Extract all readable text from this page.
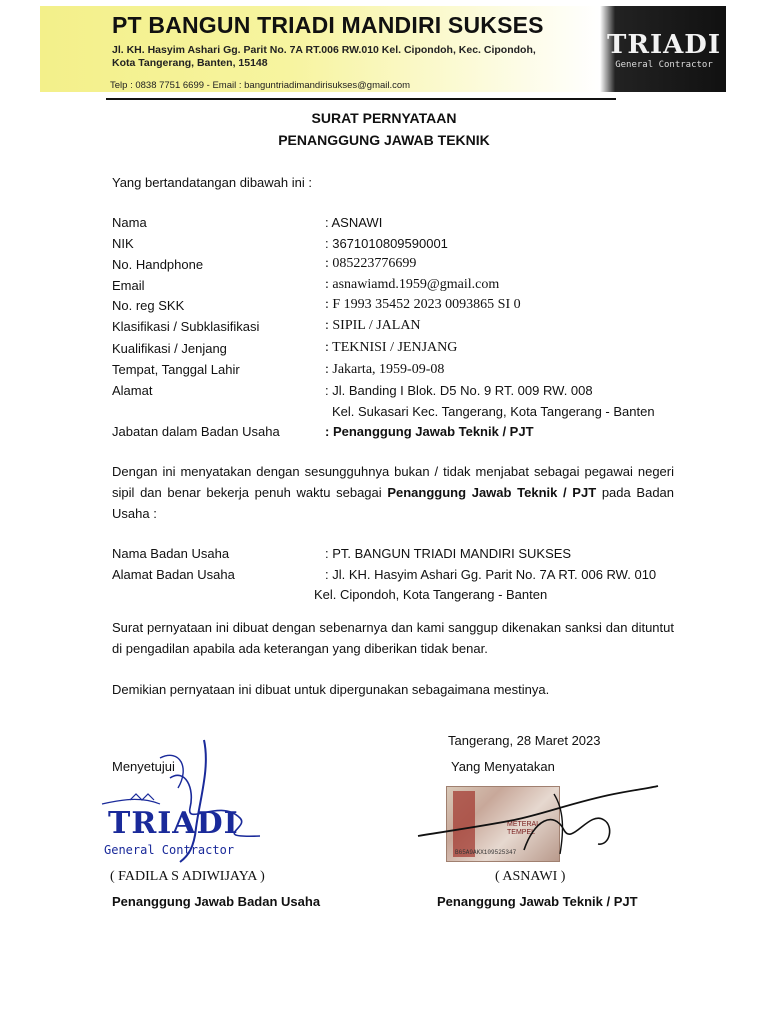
PT BANGUN TRIADI MANDIRI SUKSES
Jl. KH. Hasyim Ashari Gg. Parit No. 7A RT.006 RW.010 Kel. Cipondoh, Kec. Cipondoh,
Kota Tangerang, Banten, 15148
Telp : 0838 7751 6699 - Email : banguntriadimandirisukses@gmail.com
TRIADI
General Contractor
SURAT PERNYATAAN
PENANGGUNG JAWAB TEKNIK
Yang bertandatangan dibawah ini :
Nama	: ASNAWI
NIK	: 3671010809590001
No. Handphone	: 085223776699
Email	: asnawiamd.1959@gmail.com
No. reg SKK	: F 1993 35452 2023 0093865 SI 0
Klasifikasi / Subklasifikasi	: SIPIL / JALAN
Kualifikasi / Jenjang	: TEKNISI / JENJANG
Tempat, Tanggal Lahir	: Jakarta, 1959-09-08
Alamat	: Jl. Banding I Blok. D5 No. 9 RT. 009 RW. 008
Kel. Sukasari Kec. Tangerang, Kota Tangerang - Banten
Jabatan dalam Badan Usaha	: Penanggung Jawab Teknik / PJT
Dengan ini menyatakan dengan sesungguhnya bukan / tidak menjabat sebagai pegawai negeri sipil dan benar bekerja penuh waktu sebagai Penanggung Jawab Teknik / PJT pada Badan Usaha :
Nama Badan Usaha	: PT. BANGUN TRIADI MANDIRI SUKSES
Alamat Badan Usaha	: Jl. KH. Hasyim Ashari Gg. Parit No. 7A RT. 006 RW. 010
Kel. Cipondoh, Kota Tangerang - Banten
Surat pernyataan ini dibuat dengan sebenarnya dan kami sanggup dikenakan sanksi dan dituntut di pengadilan apabila ada keterangan yang diberikan tidak benar.
Demikian pernyataan ini dibuat untuk dipergunakan sebagaimana mestinya.
Tangerang, 28 Maret 2023
Menyetujui	Yang Menyatakan
TRIADI
General Contractor
METERAI TEMPEL
B65A9AKX109525347
( FADILA S ADIWIJAYA )	( ASNAWI )
Penanggung Jawab Badan Usaha	Penanggung Jawab Teknik / PJT
